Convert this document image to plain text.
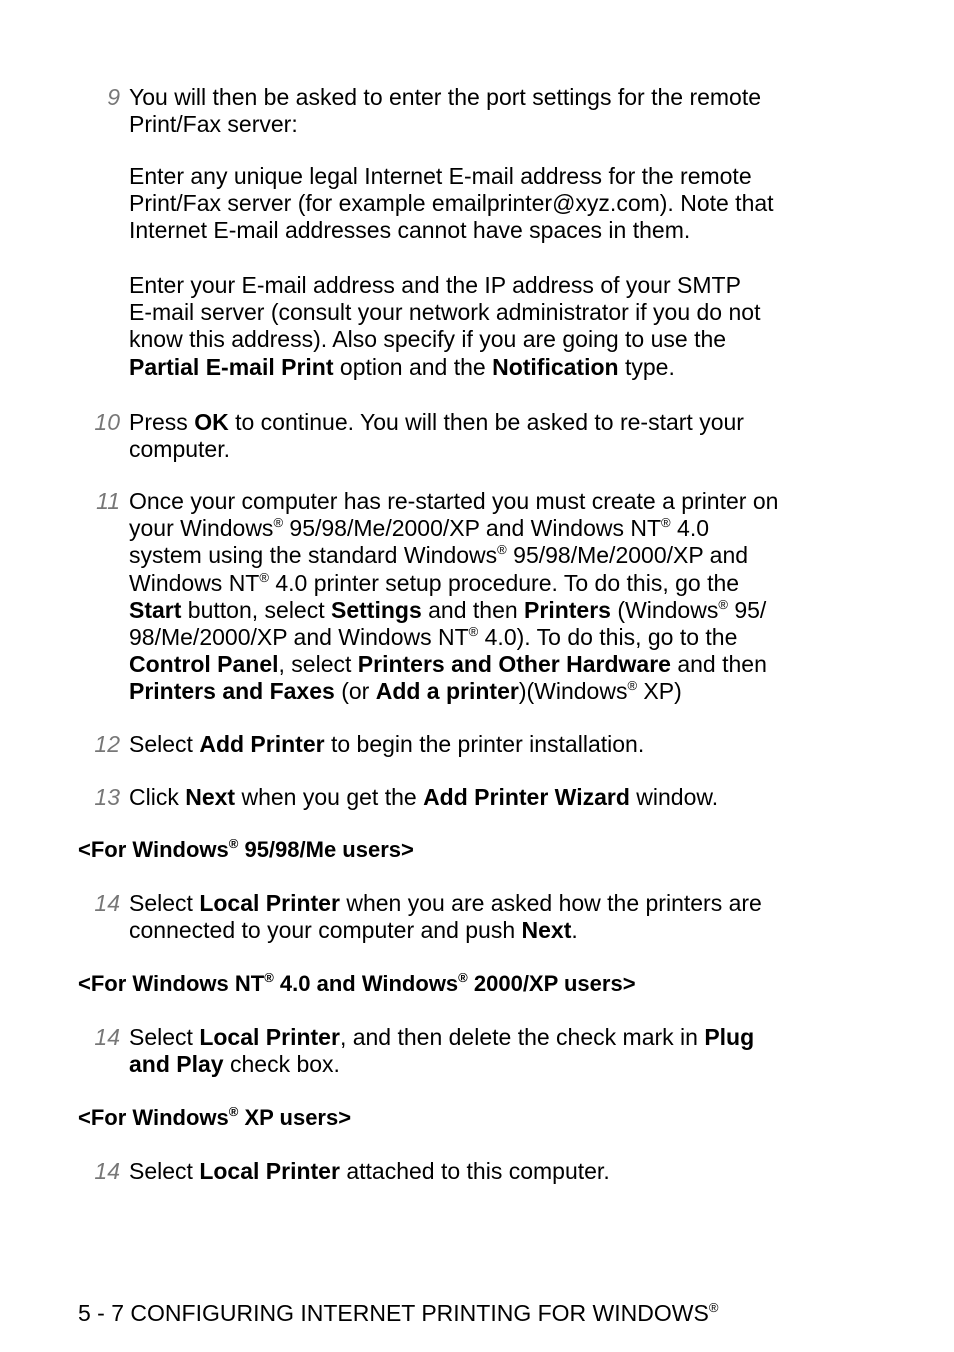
9 You will then be asked to enter the port settings for the remote
Print/Fax server:
Enter any unique legal Internet E-mail address for the remote
Print/Fax server (for example emailprinter@xyz.com). Note that
Internet E-mail addresses cannot have spaces in them.
Enter your E-mail address and the IP address of your SMTP
E-mail server (consult your network administrator if you do not
know this address). Also specify if you are going to use the
Partial E-mail Print option and the Notification type.
10 Press OK to continue. You will then be asked to re-start your
computer.
11 Once your computer has re-started you must create a printer on
your Windows® 95/98/Me/2000/XP and Windows NT® 4.0
system using the standard Windows® 95/98/Me/2000/XP and
Windows NT® 4.0 printer setup procedure. To do this, go the
Start button, select Settings and then Printers (Windows® 95/
98/Me/2000/XP and Windows NT® 4.0). To do this, go to the
Control Panel, select Printers and Other Hardware and then
Printers and Faxes (or Add a printer)(Windows® XP)
12 Select Add Printer to begin the printer installation.
13 Click Next when you get the Add Printer Wizard window.
<For Windows® 95/98/Me users>
14 Select Local Printer when you are asked how the printers are
connected to your computer and push Next.
<For Windows NT® 4.0 and Windows® 2000/XP users>
14 Select Local Printer, and then delete the check mark in Plug
and Play check box.
<For Windows® XP users>
14 Select Local Printer attached to this computer.
5 - 7 CONFIGURING INTERNET PRINTING FOR WINDOWS®
